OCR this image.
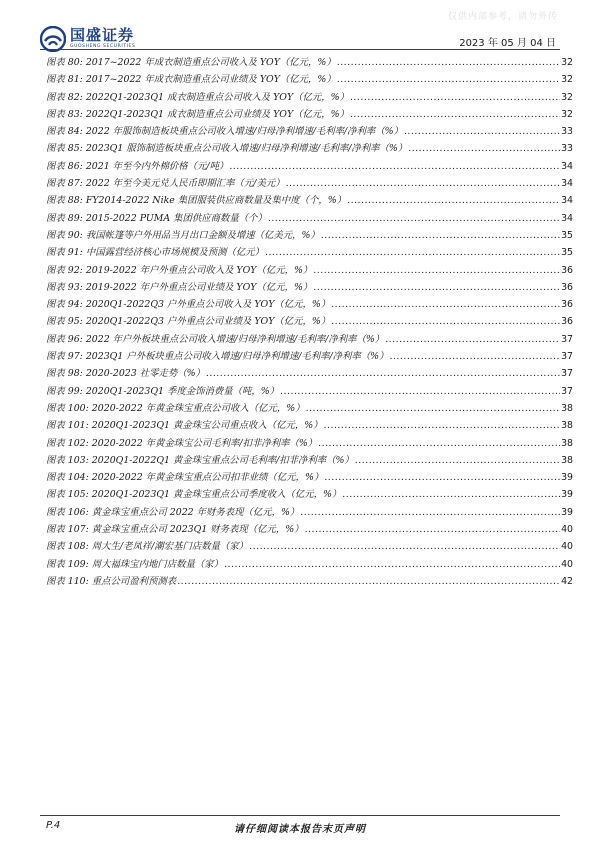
国盛证券
GUOSHENG SECURITIES
仅供内部参考，请勿外传
2023 年 05 月 04 日
图表 80: 2017~2022 年成衣制造重点公司收入及 YOY（亿元，%） .....	32
图表 81: 2017~2022 年成衣制造重点公司业绩及 YOY（亿元，%） .....	32
图表 82: 2022Q1-2023Q1 成衣制造重点公司收入及 YOY（亿元，%） .....	32
图表 83: 2022Q1-2023Q1 成衣制造重点公司业绩及 YOY（亿元，%） .....	32
图表 84: 2022 年服饰制造板块重点公司收入增速/归母净利增速/毛利率/净利率（%） .....	33
图表 85: 2023Q1 服饰制造板块重点公司收入增速/归母净利增速/毛利率/净利率（%） .....	33
图表 86: 2021 年至今内外棉价格（元/吨） .....	34
图表 87: 2022 年至今美元兑人民币即期汇率（元/美元） .....	34
图表 88: FY2014-2022 Nike 集团服装供应商数量及集中度（个，%） .....	34
图表 89: 2015-2022 PUMA 集团供应商数量（个） .....	34
图表 90: 我国帐篷等户外用品当月出口金额及增速（亿美元，%） .....	35
图表 91: 中国露营经济核心市场规模及预测（亿元） .....	35
图表 92: 2019-2022 年户外重点公司收入及 YOY（亿元，%） .....	36
图表 93: 2019-2022 年户外重点公司业绩及 YOY（亿元，%） .....	36
图表 94: 2020Q1-2022Q3 户外重点公司收入及 YOY（亿元，%） .....	36
图表 95: 2020Q1-2022Q3 户外重点公司业绩及 YOY（亿元，%） .....	36
图表 96: 2022 年户外板块重点公司收入增速/归母净利增速/毛利率/净利率（%） .....	37
图表 97: 2023Q1 户外板块重点公司收入增速/归母净利增速/毛利率/净利率（%） .....	37
图表 98: 2020-2023 社零走势（%） .....	37
图表 99: 2020Q1-2023Q1 季度金饰消费量（吨，%） .....	37
图表 100: 2020-2022 年黄金珠宝重点公司收入（亿元，%） .....	38
图表 101: 2020Q1-2023Q1 黄金珠宝公司重点收入（亿元，%） .....	38
图表 102: 2020-2022 年黄金珠宝公司毛利率/扣非净利率（%） .....	38
图表 103: 2020Q1-2022Q1 黄金珠宝重点公司毛利率/扣非净利率（%） .....	38
图表 104: 2020-2022 年黄金珠宝重点公司扣非业绩（亿元，%） .....	39
图表 105: 2020Q1-2023Q1 黄金珠宝重点公司季度收入（亿元，%） .....	39
图表 106: 黄金珠宝重点公司 2022 年财务表现（亿元，%） .....	39
图表 107: 黄金珠宝重点公司 2023Q1 财务表现（亿元，%） .....	40
图表 108: 周大生/老凤祥/潮宏基门店数量（家） .....	40
图表 109: 周大福珠宝内地门店数量（家） .....	40
图表 110: 重点公司盈利预测表 .....	42
P.4	请仔细阅读本报告末页声明
